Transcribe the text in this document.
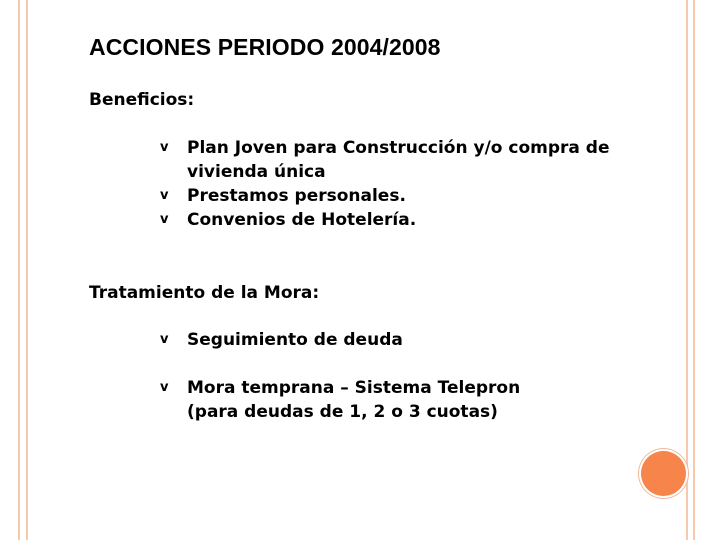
ACCIONES PERIODO 2004/2008
Beneficios:
v	Plan Joven para Construcción y/o compra de
vivienda única
v	Prestamos personales.
v	Convenios de Hotelería.
Tratamiento de la Mora:
v	Seguimiento de deuda
v	Mora temprana – Sistema Telepron
(para deudas de 1, 2 o 3 cuotas)
